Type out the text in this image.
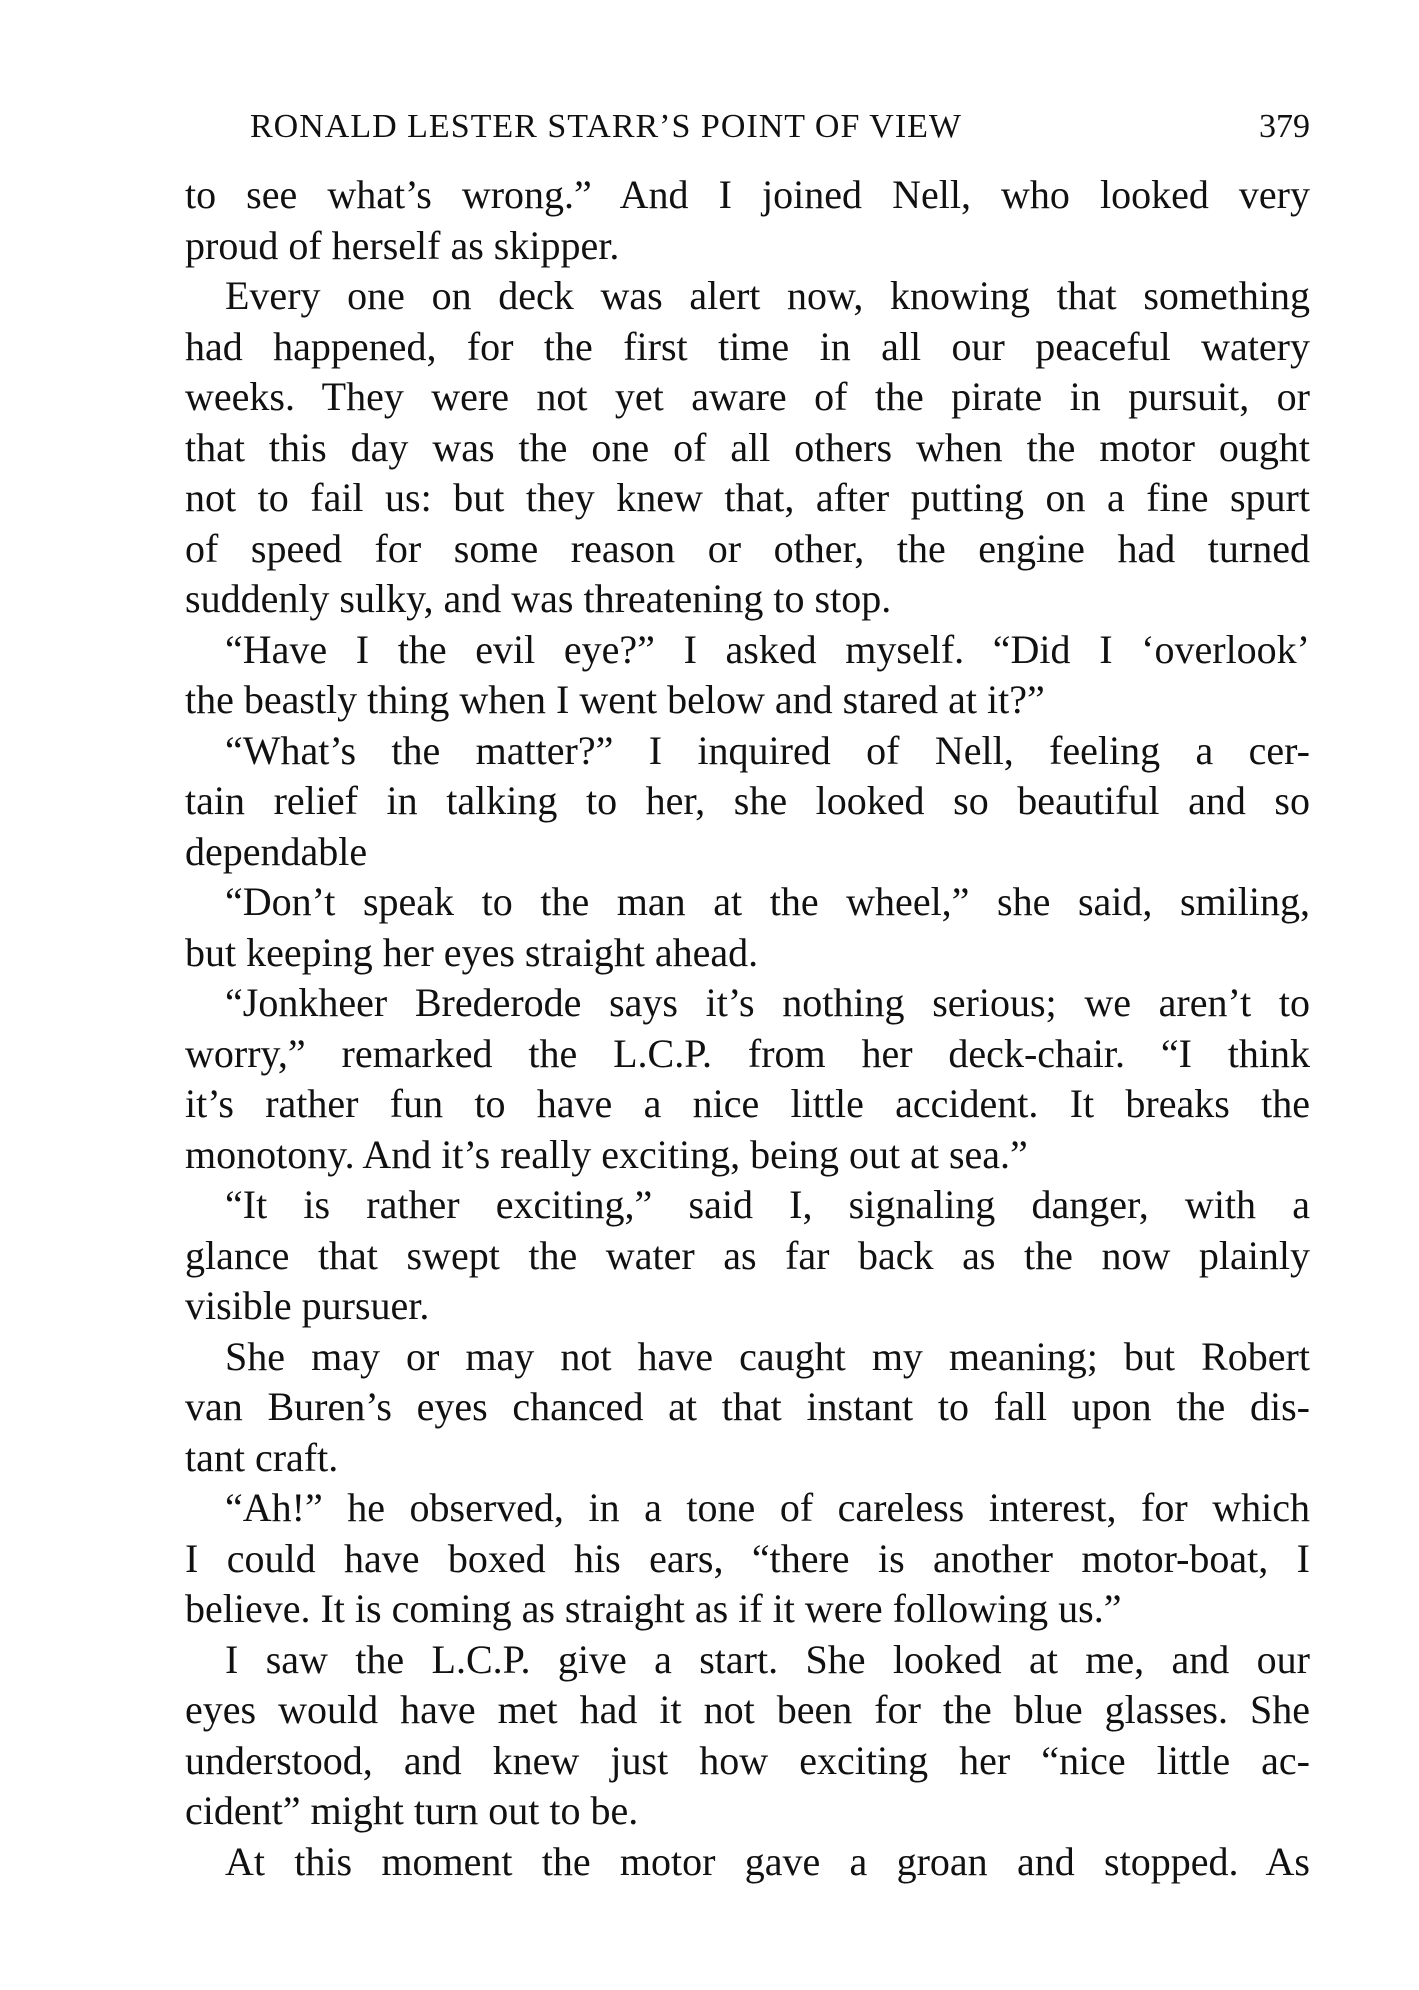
RONALD LESTER STARR’S POINT OF VIEW	379
to see what’s wrong.” And I joined Nell, who looked very
proud of herself as skipper.
Every one on deck was alert now, knowing that something
had happened, for the first time in all our peaceful watery
weeks. They were not yet aware of the pirate in pursuit, or
that this day was the one of all others when the motor ought
not to fail us: but they knew that, after putting on a fine spurt
of speed for some reason or other, the engine had turned
suddenly sulky, and was threatening to stop.
“Have I the evil eye?” I asked myself. “Did I ‘overlook’
the beastly thing when I went below and stared at it?”
“What’s the matter?” I inquired of Nell, feeling a cer-
tain relief in talking to her, she looked so beautiful and so
dependable
“Don’t speak to the man at the wheel,” she said, smiling,
but keeping her eyes straight ahead.
“Jonkheer Brederode says it’s nothing serious; we aren’t to
worry,” remarked the L.C.P. from her deck-chair. “I think
it’s rather fun to have a nice little accident. It breaks the
monotony. And it’s really exciting, being out at sea.”
“It is rather exciting,” said I, signaling danger, with a
glance that swept the water as far back as the now plainly
visible pursuer.
She may or may not have caught my meaning; but Robert
van Buren’s eyes chanced at that instant to fall upon the dis-
tant craft.
“Ah!” he observed, in a tone of careless interest, for which
I could have boxed his ears, “there is another motor-boat, I
believe. It is coming as straight as if it were following us.”
I saw the L.C.P. give a start. She looked at me, and our
eyes would have met had it not been for the blue glasses. She
understood, and knew just how exciting her “nice little ac-
cident” might turn out to be.
At this moment the motor gave a groan and stopped. As
